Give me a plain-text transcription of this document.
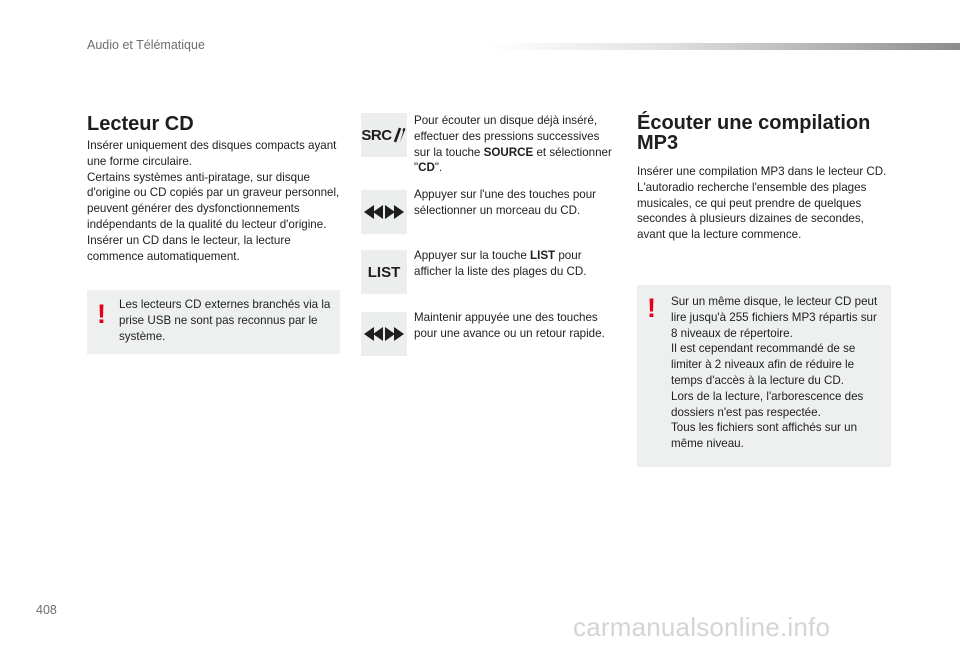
Audio et Télématique
Lecteur CD

Insérer uniquement des disques compacts ayant une forme circulaire.

Certains systèmes anti-piratage, sur disque d'origine ou CD copiés par un graveur personnel, peuvent générer des dysfonctionnements indépendants de la qualité du lecteur d'origine.

Insérer un CD dans le lecteur, la lecture commence automatiquement.

! Les lecteurs CD externes branchés via la prise USB ne sont pas reconnus par le système.

SRC

Pour écouter un disque déjà inséré, effectuer des pressions successives sur la touche SOURCE et sélectionner "CD".

Appuyer sur l'une des touches pour sélectionner un morceau du CD.

LIST

Appuyer sur la touche LIST pour afficher la liste des plages du CD.

Maintenir appuyée une des touches pour une avance ou un retour rapide.

Écouter une compilation MP3

Insérer une compilation MP3 dans le lecteur CD.

L'autoradio recherche l'ensemble des plages musicales, ce qui peut prendre de quelques secondes à plusieurs dizaines de secondes, avant que la lecture commence.

! Sur un même disque, le lecteur CD peut lire jusqu'à 255 fichiers MP3 répartis sur 8 niveaux de répertoire.

Il est cependant recommandé de se limiter à 2 niveaux afin de réduire le temps d'accès à la lecture du CD.

Lors de la lecture, l'arborescence des dossiers n'est pas respectée.

Tous les fichiers sont affichés sur un même niveau.

408
carmanualsonline.info
